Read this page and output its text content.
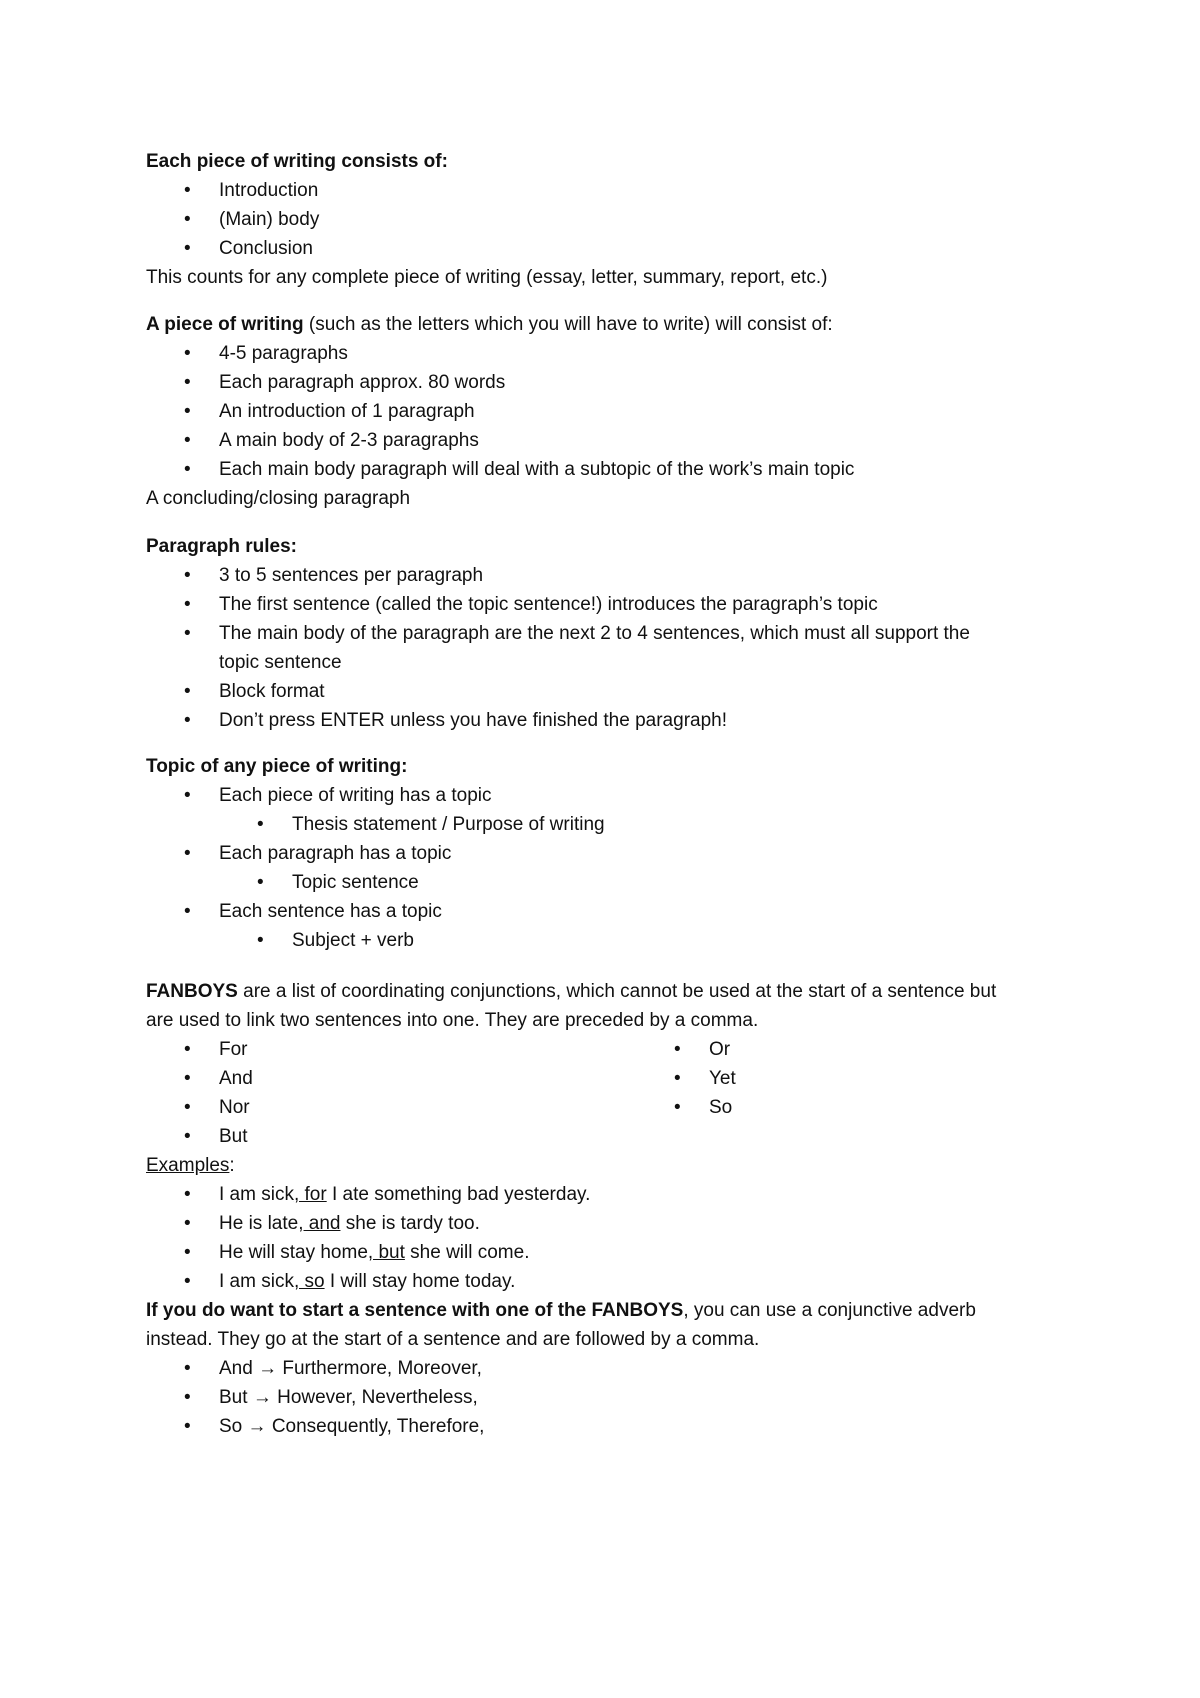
Each piece of writing consists of:
• Introduction
• (Main) body
• Conclusion
This counts for any complete piece of writing (essay, letter, summary, report, etc.)
A piece of writing (such as the letters which you will have to write) will consist of:
• 4-5 paragraphs
• Each paragraph approx. 80 words
• An introduction of 1 paragraph
• A main body of 2-3 paragraphs
• Each main body paragraph will deal with a subtopic of the work’s main topic
A concluding/closing paragraph
Paragraph rules:
• 3 to 5 sentences per paragraph
• The first sentence (called the topic sentence!) introduces the paragraph’s topic
• The main body of the paragraph are the next 2 to 4 sentences, which must all support the
topic sentence
• Block format
• Don’t press ENTER unless you have finished the paragraph!
Topic of any piece of writing:
• Each piece of writing has a topic
• Thesis statement / Purpose of writing
• Each paragraph has a topic
• Topic sentence
• Each sentence has a topic
• Subject + verb
FANBOYS are a list of coordinating conjunctions, which cannot be used at the start of a sentence but
are used to link two sentences into one. They are preceded by a comma.
• For
• And
• Nor
• But
• Or
• Yet
• So
Examples:
• I am sick, for I ate something bad yesterday.
• He is late, and she is tardy too.
• He will stay home, but she will come.
• I am sick, so I will stay home today.
If you do want to start a sentence with one of the FANBOYS, you can use a conjunctive adverb
instead. They go at the start of a sentence and are followed by a comma.
• And → Furthermore, Moreover,
• But → However, Nevertheless,
• So → Consequently, Therefore,
